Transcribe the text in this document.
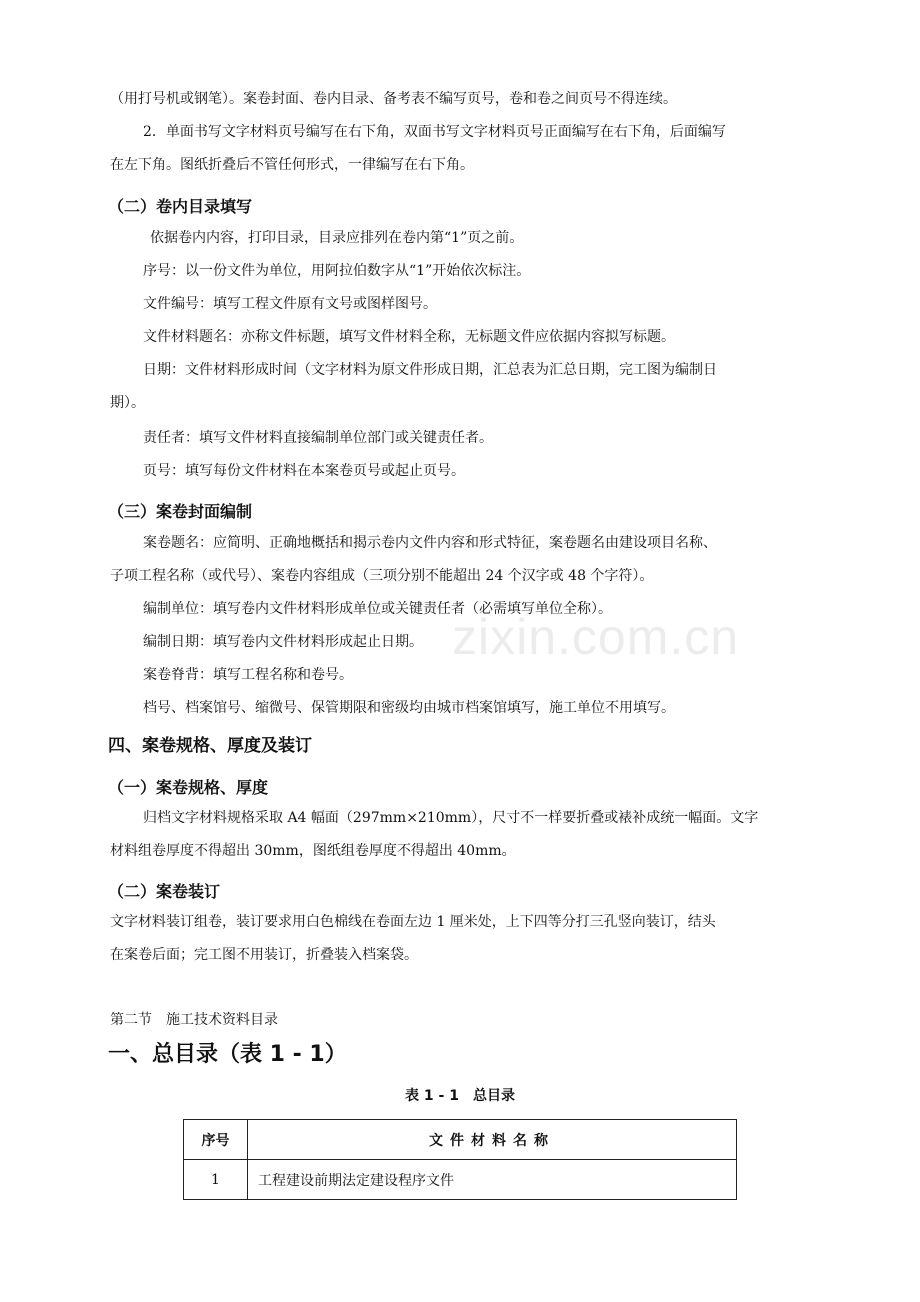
zixin.com.cn
（用打号机或钢笔）。案卷封面、卷内目录、备考表不编写页号，卷和卷之间页号不得连续。
2．单面书写文字材料页号编写在右下角，双面书写文字材料页号正面编写在右下角，后面编写
在左下角。图纸折叠后不管任何形式，一律编写在右下角。
（二）卷内目录填写
依据卷内内容，打印目录，目录应排列在卷内第“1”页之前。
序号：以一份文件为单位，用阿拉伯数字从“1”开始依次标注。
文件编号：填写工程文件原有文号或图样图号。
文件材料题名：亦称文件标题，填写文件材料全称，无标题文件应依据内容拟写标题。
日期：文件材料形成时间（文字材料为原文件形成日期，汇总表为汇总日期，完工图为编制日
期）。
责任者：填写文件材料直接编制单位部门或关键责任者。
页号：填写每份文件材料在本案卷页号或起止页号。
（三）案卷封面编制
案卷题名：应简明、正确地概括和揭示卷内文件内容和形式特征，案卷题名由建设项目名称、
子项工程名称（或代号）、案卷内容组成（三项分别不能超出 24 个汉字或 48 个字符）。
编制单位：填写卷内文件材料形成单位或关键责任者（必需填写单位全称）。
编制日期：填写卷内文件材料形成起止日期。
案卷脊背：填写工程名称和卷号。
档号、档案馆号、缩微号、保管期限和密级均由城市档案馆填写，施工单位不用填写。
四、案卷规格、厚度及装订
（一）案卷规格、厚度
归档文字材料规格采取 A4 幅面（297mm×210mm），尺寸不一样要折叠或裱补成统一幅面。文字
材料组卷厚度不得超出 30mm，图纸组卷厚度不得超出 40mm。
（二）案卷装订
文字材料装订组卷，装订要求用白色棉线在卷面左边 1 厘米处，上下四等分打三孔竖向装订，结头
在案卷后面；完工图不用装订，折叠装入档案袋。
第二节　施工技术资料目录
一、总目录（表 1 - 1）
表 1 - 1　总目录
序号	文件材料名称
1	工程建设前期法定建设程序文件
